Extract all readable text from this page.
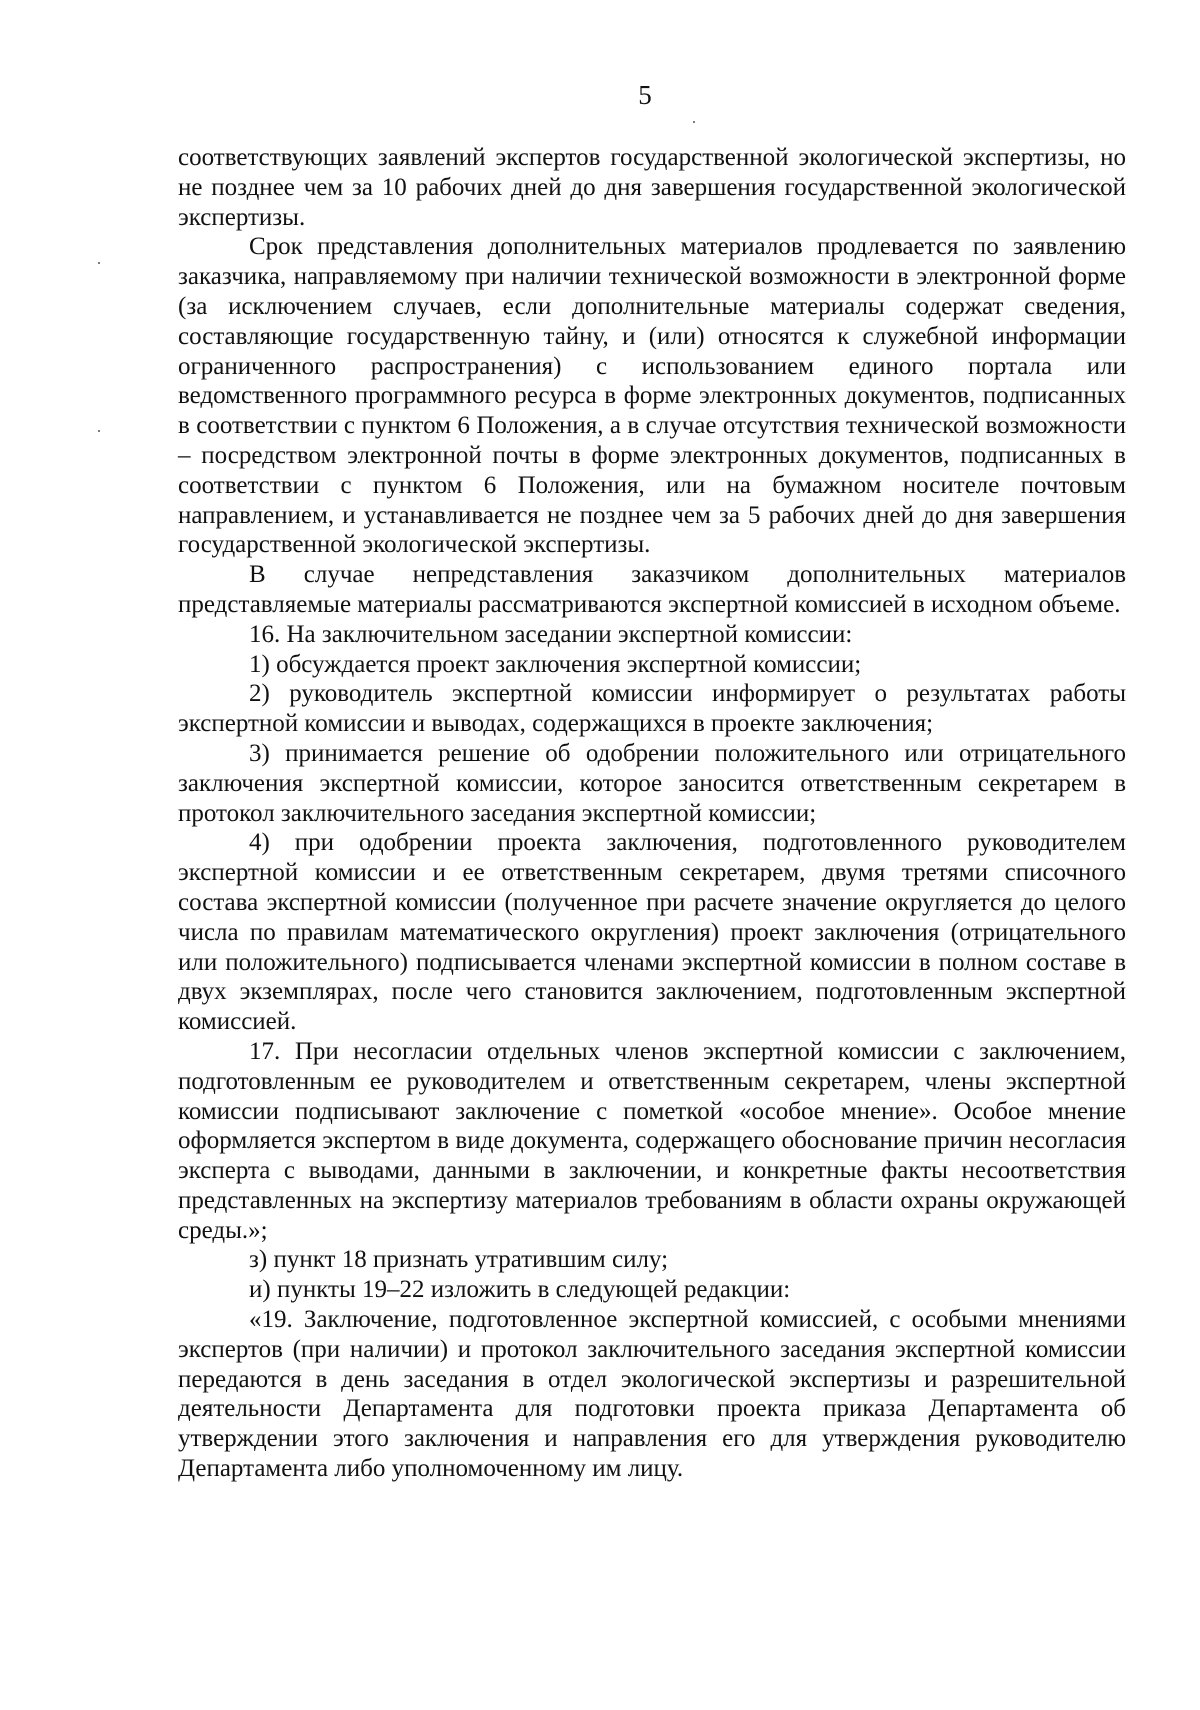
5

соответствующих заявлений экспертов государственной экологической экспертизы, но не позднее чем за 10 рабочих дней до дня завершения государственной экологической экспертизы.

Срок представления дополнительных материалов продлевается по заявлению заказчика, направляемому при наличии технической возможности в электронной форме (за исключением случаев, если дополнительные материалы содержат сведения, составляющие государственную тайну, и (или) относятся к служебной информации ограниченного распространения) с использованием единого портала или ведомственного программного ресурса в форме электронных документов, подписанных в соответствии с пунктом 6 Положения, а в случае отсутствия технической возможности – посредством электронной почты в форме электронных документов, подписанных в соответствии с пунктом 6 Положения, или на бумажном носителе почтовым направлением, и устанавливается не позднее чем за 5 рабочих дней до дня завершения государственной экологической экспертизы.

В случае непредставления заказчиком дополнительных материалов представляемые материалы рассматриваются экспертной комиссией в исходном объеме.

16. На заключительном заседании экспертной комиссии:

1) обсуждается проект заключения экспертной комиссии;

2) руководитель экспертной комиссии информирует о результатах работы экспертной комиссии и выводах, содержащихся в проекте заключения;

3) принимается решение об одобрении положительного или отрицательного заключения экспертной комиссии, которое заносится ответственным секретарем в протокол заключительного заседания экспертной комиссии;

4) при одобрении проекта заключения, подготовленного руководителем экспертной комиссии и ее ответственным секретарем, двумя третями списочного состава экспертной комиссии (полученное при расчете значение округляется до целого числа по правилам математического округления) проект заключения (отрицательного или положительного) подписывается членами экспертной комиссии в полном составе в двух экземплярах, после чего становится заключением, подготовленным экспертной комиссией.

17. При несогласии отдельных членов экспертной комиссии с заключением, подготовленным ее руководителем и ответственным секретарем, члены экспертной комиссии подписывают заключение с пометкой «особое мнение». Особое мнение оформляется экспертом в виде документа, содержащего обоснование причин несогласия эксперта с выводами, данными в заключении, и конкретные факты несоответствия представленных на экспертизу материалов требованиям в области охраны окружающей среды.»;

з) пункт 18 признать утратившим силу;

и) пункты 19–22 изложить в следующей редакции:

«19. Заключение, подготовленное экспертной комиссией, с особыми мнениями экспертов (при наличии) и протокол заключительного заседания экспертной комиссии передаются в день заседания в отдел экологической экспертизы и разрешительной деятельности Департамента для подготовки проекта приказа Департамента об утверждении этого заключения и направления его для утверждения руководителю Департамента либо уполномоченному им лицу.
